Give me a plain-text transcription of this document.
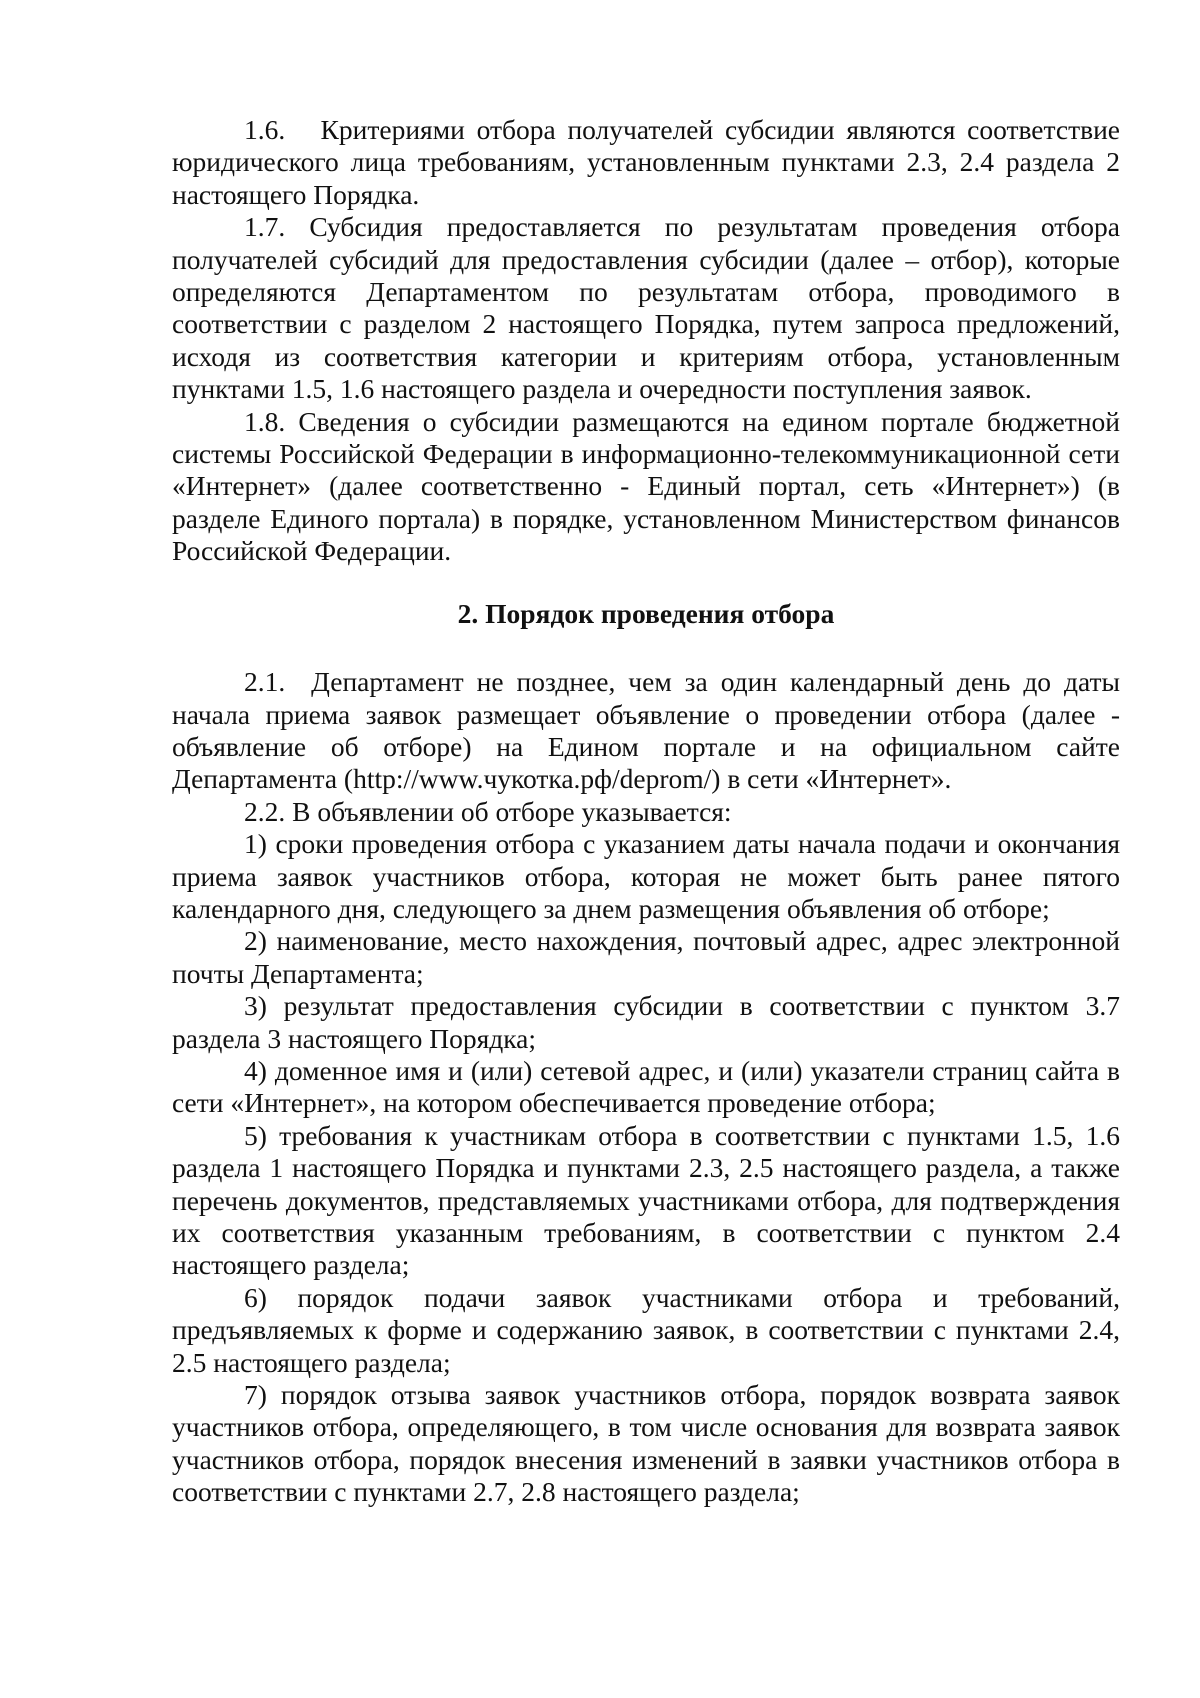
1.6.   Критериями отбора получателей субсидии являются соответствие юридического лица требованиям, установленным пунктами 2.3, 2.4 раздела 2 настоящего Порядка.

1.7. Субсидия предоставляется по результатам проведения отбора получателей субсидий для предоставления субсидии (далее – отбор), которые определяются Департаментом по результатам отбора, проводимого в соответствии с разделом 2 настоящего Порядка, путем запроса предложений, исходя из соответствия категории и критериям отбора, установленным пунктами 1.5, 1.6 настоящего раздела и очередности поступления заявок.

1.8. Сведения о субсидии размещаются на едином портале бюджетной системы Российской Федерации в информационно-телекоммуникационной сети «Интернет» (далее соответственно - Единый портал, сеть «Интернет») (в разделе Единого портала) в порядке, установленном Министерством финансов Российской Федерации.

2. Порядок проведения отбора

2.1.  Департамент не позднее, чем за один календарный день до даты начала приема заявок размещает объявление о проведении отбора (далее - объявление об отборе) на Едином портале и на официальном сайте Департамента (http://www.чукотка.рф/deprom/) в сети «Интернет».

2.2. В объявлении об отборе указывается:

1) сроки проведения отбора с указанием даты начала подачи и окончания приема заявок участников отбора, которая не может быть ранее пятого календарного дня, следующего за днем размещения объявления об отборе;

2) наименование, место нахождения, почтовый адрес, адрес электронной почты Департамента;

3) результат предоставления субсидии в соответствии с пунктом 3.7 раздела 3 настоящего Порядка;

4) доменное имя и (или) сетевой адрес, и (или) указатели страниц сайта в сети «Интернет», на котором обеспечивается проведение отбора;

5) требования к участникам отбора в соответствии с пунктами 1.5, 1.6 раздела 1 настоящего Порядка и пунктами 2.3, 2.5 настоящего раздела, а также перечень документов, представляемых участниками отбора, для подтверждения их соответствия указанным требованиям, в соответствии с пунктом 2.4 настоящего раздела;

6) порядок подачи заявок участниками отбора и требований, предъявляемых к форме и содержанию заявок, в соответствии с пунктами 2.4, 2.5 настоящего раздела;

7) порядок отзыва заявок участников отбора, порядок возврата заявок участников отбора, определяющего, в том числе основания для возврата заявок участников отбора, порядок внесения изменений в заявки участников отбора в соответствии с пунктами 2.7, 2.8 настоящего раздела;
